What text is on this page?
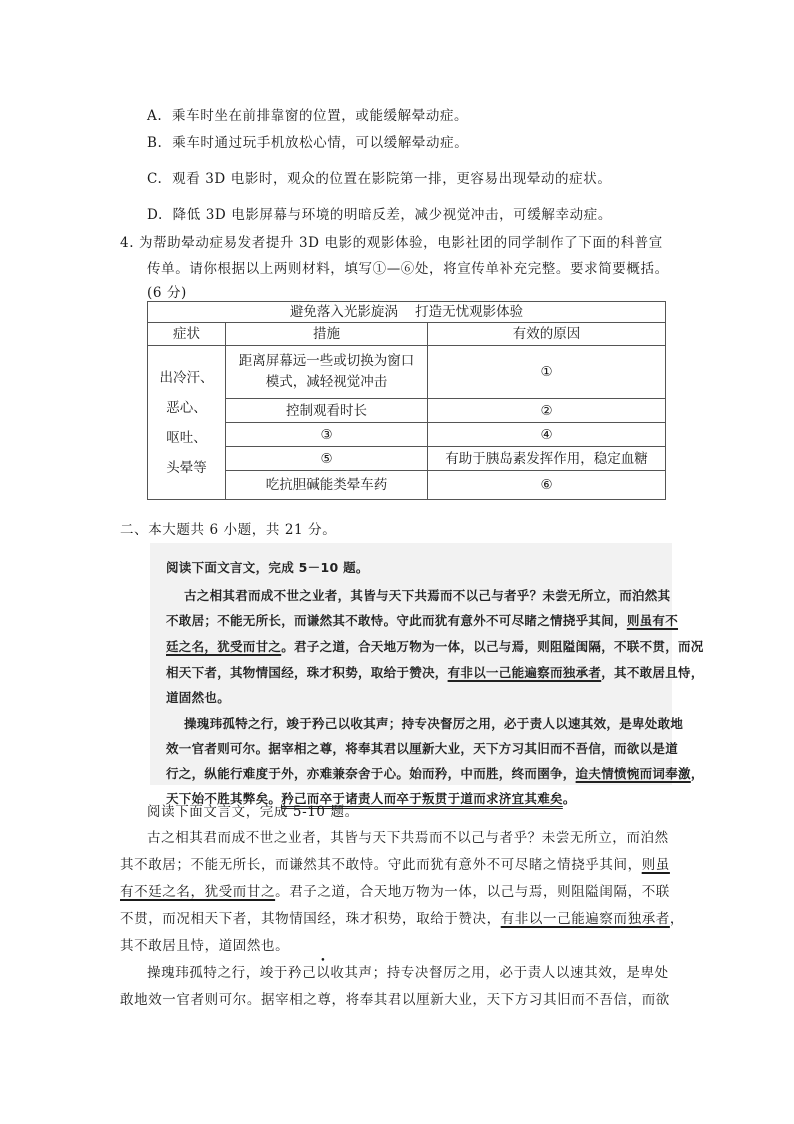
A. 乘车时坐在前排靠窗的位置，或能缓解晕动症。
B. 乘车时通过玩手机放松心情，可以缓解晕动症。
C. 观看 3D 电影时，观众的位置在影院第一排，更容易出现晕动的症状。
D. 降低 3D 电影屏幕与环境的明暗反差，减少视觉冲击，可缓解幸动症。
4. 为帮助晕动症易发者提升 3D 电影的观影体验，电影社团的同学制作了下面的科普宣
传单。请你根据以上两则材料，填写①—⑥处，将宣传单补充完整。要求简要概括。
(6 分)
避免落入光影旋涡    打造无忧观影体验		
症状	措施	有效的原因

出冷汗、
恶心、
呕吐、
头晕等	距离屏幕远一些或切换为窗口模式，减轻视觉冲击	①
	控制观看时长	②
	③	④
	⑤	有助于胰岛素发挥作用，稳定血糖
	吃抗胆碱能类晕车药	⑥
二、本大题共 6 小题，共 21 分。
阅读下面文言文，完成 5－10 题。
古之相其君而成不世之业者，其皆与天下共焉而不以己与者乎？未尝无所立，而泊然其
不敢居；不能无所长，而谦然其不敢恃。守此而犹有意外不可尽睹之情挠乎其间，则虽有不
廷之名，犹受而甘之。君子之道，合天地万物为一体，以己与焉，则阻隘闺隔，不联不贯，而况
相天下者，其物情国经，珠才积势，取给于赞决，有非以一己能遍察而独承者，其不敢居且恃，
道固然也。
操瑰玮孤特之行，竣于矜己以收其声；持专决督厉之用，必于责人以速其效，是卑处敢地
效一官者则可尔。据宰相之尊，将奉其君以厘新大业，天下方习其旧而不吾信，而欲以是道
行之，纵能行难度于外，亦难兼奈舍于心。始而矜，中而胜，终而圉争，迨夫情愤惋而词奉激，
天下始不胜其弊矣。矜己而卒于诸责人而卒于叛贯于道而求济宜其难矣。
阅读下面文言文，完成 5-10 题。
古之相其君而成不世之业者，其皆与天下共焉而不以己与者乎？未尝无所立，而泊然
其不敢居；不能无所长，而谦然其不敢恃。守此而犹有意外不可尽睹之情挠乎其间，则虽
有不廷之名，犹受而甘之。君子之道，合天地万物为一体，以己与焉，则阻隘闺隔，不联
不贯，而况相天下者，其物情国经，珠才积势，取给于赞决，有非以一己能遍察而独承者，
其不敢居且恃，道固然也。
操瑰玮孤特之行，竣于矜己以收其声；持专决督厉之用，必于责人以速其效，是卑处
敢地效一官者则可尔。据宰相之尊，将奉其君以厘新大业，天下方习其旧而不吾信，而欲
